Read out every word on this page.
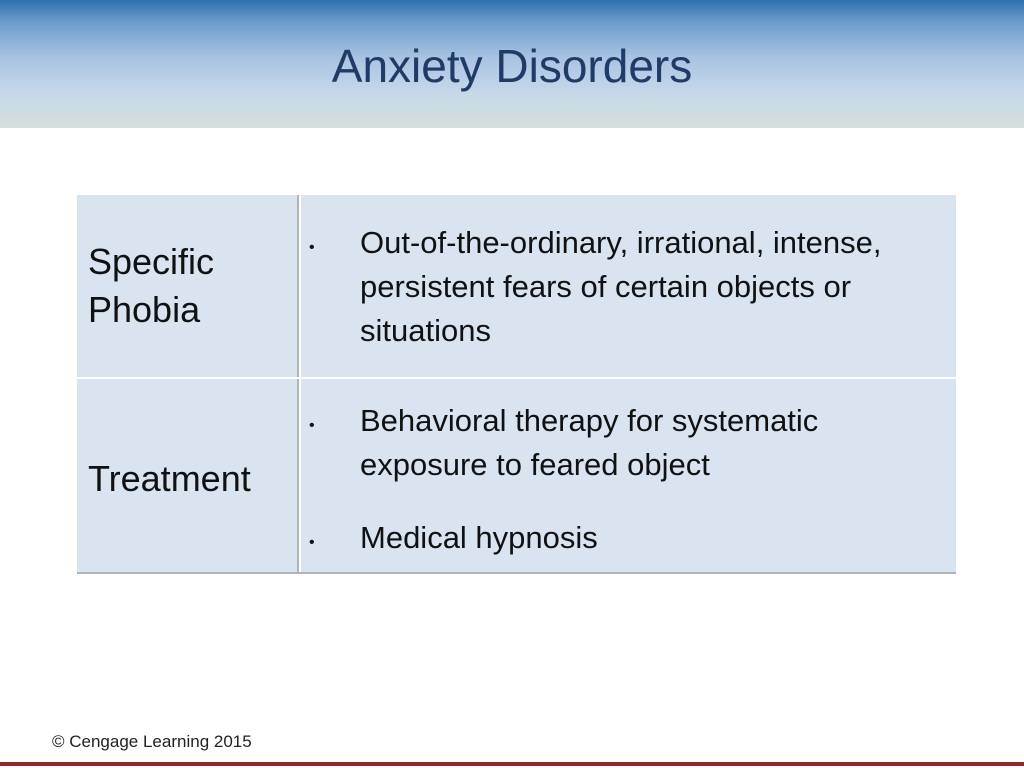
Anxiety Disorders
Specific Phobia
• Out-of-the-ordinary, irrational, intense, persistent fears of certain objects or situations
Treatment
• Behavioral therapy for systematic exposure to feared object
• Medical hypnosis
© Cengage Learning 2015
